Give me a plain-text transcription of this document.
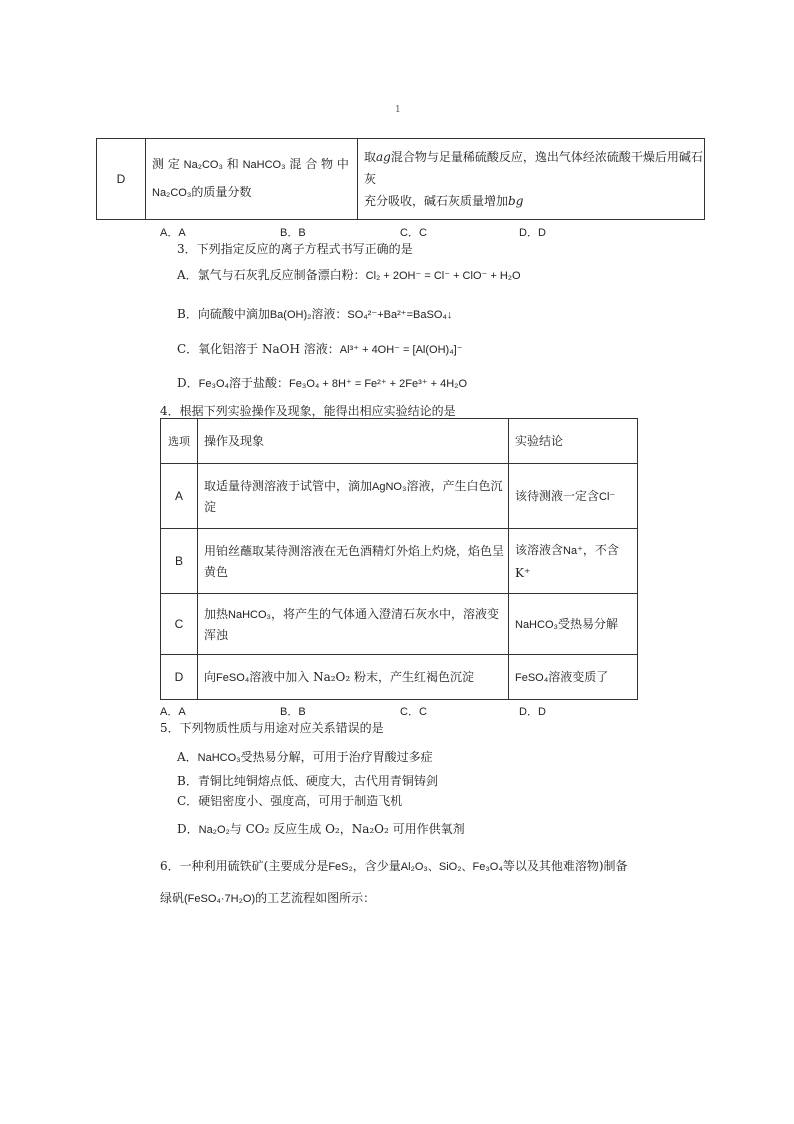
1
D	测 定 Na₂CO₃ 和 NaHCO₃ 混 合 物 中
Na₂CO₃的质量分数	取ag混合物与足量稀硫酸反应，逸出气体经浓硫酸干燥后用碱石灰
充分吸收，碱石灰质量增加bg
A．A	B．B	C．C	D．D
3．下列指定反应的离子方程式书写正确的是
A．氯气与石灰乳反应制备漂白粉：Cl₂ + 2OH⁻ = Cl⁻ + ClO⁻ + H₂O
B．向硫酸中滴加Ba(OH)₂溶液：SO₄²⁻+Ba²⁺=BaSO₄↓
C．氧化铝溶于 NaOH 溶液：Al³⁺ + 4OH⁻ = [Al(OH)₄]⁻
D．Fe₃O₄溶于盐酸：Fe₃O₄ + 8H⁺ = Fe²⁺ + 2Fe³⁺ + 4H₂O
4．根据下列实验操作及现象，能得出相应实验结论的是
选项	操作及现象	实验结论
A	取适量待测溶液于试管中，滴加AgNO₃溶液，产生白色沉
淀	该待测液一定含Cl⁻
B	用铂丝蘸取某待测溶液在无色酒精灯外焰上灼烧，焰色呈
黄色	该溶液含Na⁺，不含 K⁺
C	加热NaHCO₃，将产生的气体通入澄清石灰水中，溶液变
浑浊	NaHCO₃受热易分解
D	向FeSO₄溶液中加入 Na₂O₂ 粉末，产生红褐色沉淀	FeSO₄溶液变质了
A．A	B．B	C．C	D．D
5．下列物质性质与用途对应关系错误的是
A．NaHCO₃受热易分解，可用于治疗胃酸过多症
B．青铜比纯铜熔点低、硬度大，古代用青铜铸剑
C．硬铝密度小、强度高，可用于制造飞机
D．Na₂O₂与 CO₂ 反应生成 O₂，Na₂O₂ 可用作供氧剂
6．一种利用硫铁矿(主要成分是FeS₂，含少量Al₂O₃、SiO₂、Fe₃O₄等以及其他难溶物)制备
绿矾(FeSO₄·7H₂O)的工艺流程如图所示：
